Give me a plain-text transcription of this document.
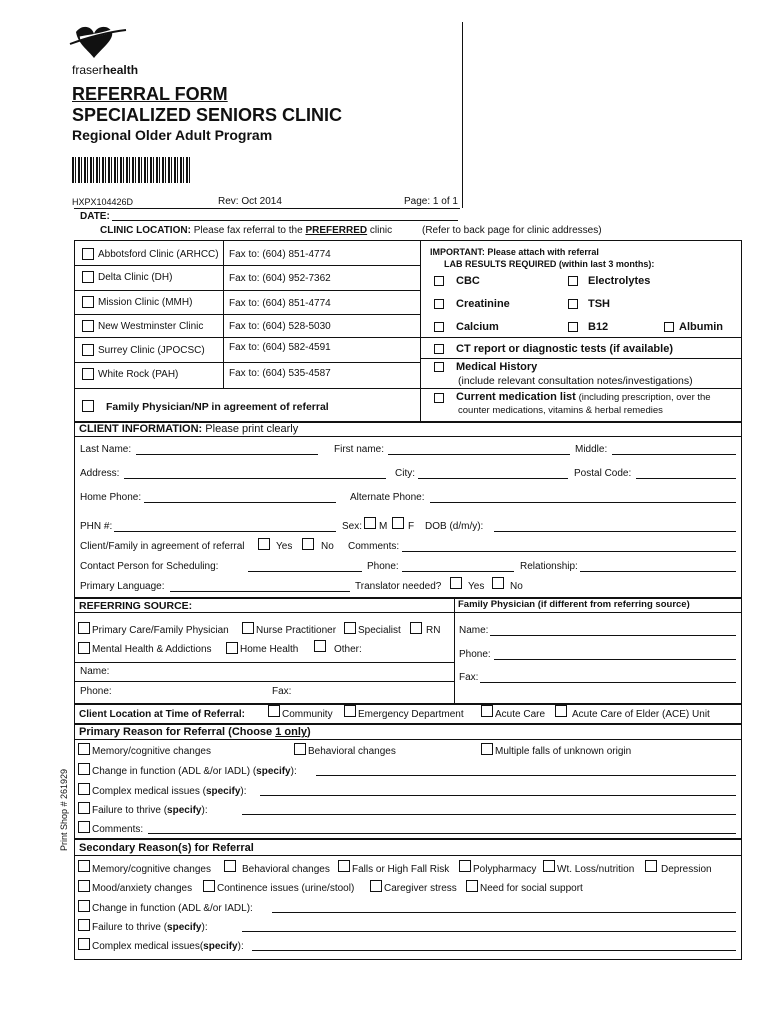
fraserhealth
REFERRAL FORM
SPECIALIZED SENIORS CLINIC
Regional Older Adult Program
HXPX104426D	Rev: Oct 2014	Page: 1 of 1
DATE:
CLINIC LOCATION: Please fax referral to the PREFERRED clinic	(Refer to back page for clinic addresses)
Abbotsford Clinic (ARHCC) Fax to: (604) 851-4774
Delta Clinic (DH)	Fax to: (604) 952-7362
Mission Clinic (MMH)	Fax to: (604) 851-4774
New Westminster Clinic	Fax to: (604) 528-5030
Surrey Clinic (JPOCSC) Fax to: (604) 582-4591
White Rock (PAH)	Fax to: (604) 535-4587
Family Physician/NP in agreement of referral
IMPORTANT: Please attach with referral
LAB RESULTS REQUIRED (within last 3 months):
CBC	Electrolytes
Creatinine	TSH
Calcium	B12	Albumin
CT report or diagnostic tests (if available)
Medical History
(include relevant consultation notes/investigations)
Current medication list (including prescription, over the
counter medications, vitamins & herbal remedies
CLIENT INFORMATION: Please print clearly
Last Name:	First name:	Middle:
Address:	City:	Postal Code:
Home Phone:	Alternate Phone:
PHN #:	Sex: M F DOB (d/m/y):
Client/Family in agreement of referral	Yes	No Comments:
Contact Person for Scheduling:	Phone:	Relationship:
Primary Language:	Translator needed?	Yes	No
REFERRING SOURCE:	Family Physician (if different from referring source)
Primary Care/Family Physician	Nurse Practitioner Specialist	RN
Mental Health & Addictions	Home Health	Other:
Name:
Phone:	Fax:
Name:
Phone:
Fax:
Client Location at Time of Referral:	Community	Emergency Department	Acute Care	Acute Care of Elder (ACE) Unit
Primary Reason for Referral (Choose 1 only)
Memory/cognitive changes	Behavioral changes	Multiple falls of unknown origin
Change in function (ADL &/or IADL) (specify):
Complex medical issues (specify):
Failure to thrive (specify):
Comments:
Print Shop # 261929 Secondary Reason(s) for Referral
Memory/cognitive changes	Behavioral changes Falls or High Fall Risk Polypharmacy Wt. Loss/nutrition	Depression
Mood/anxiety changes Continence issues (urine/stool)	Caregiver stress Need for social support
Change in function (ADL &/or IADL):
Failure to thrive (specify):
Complex medical issues(specify):
